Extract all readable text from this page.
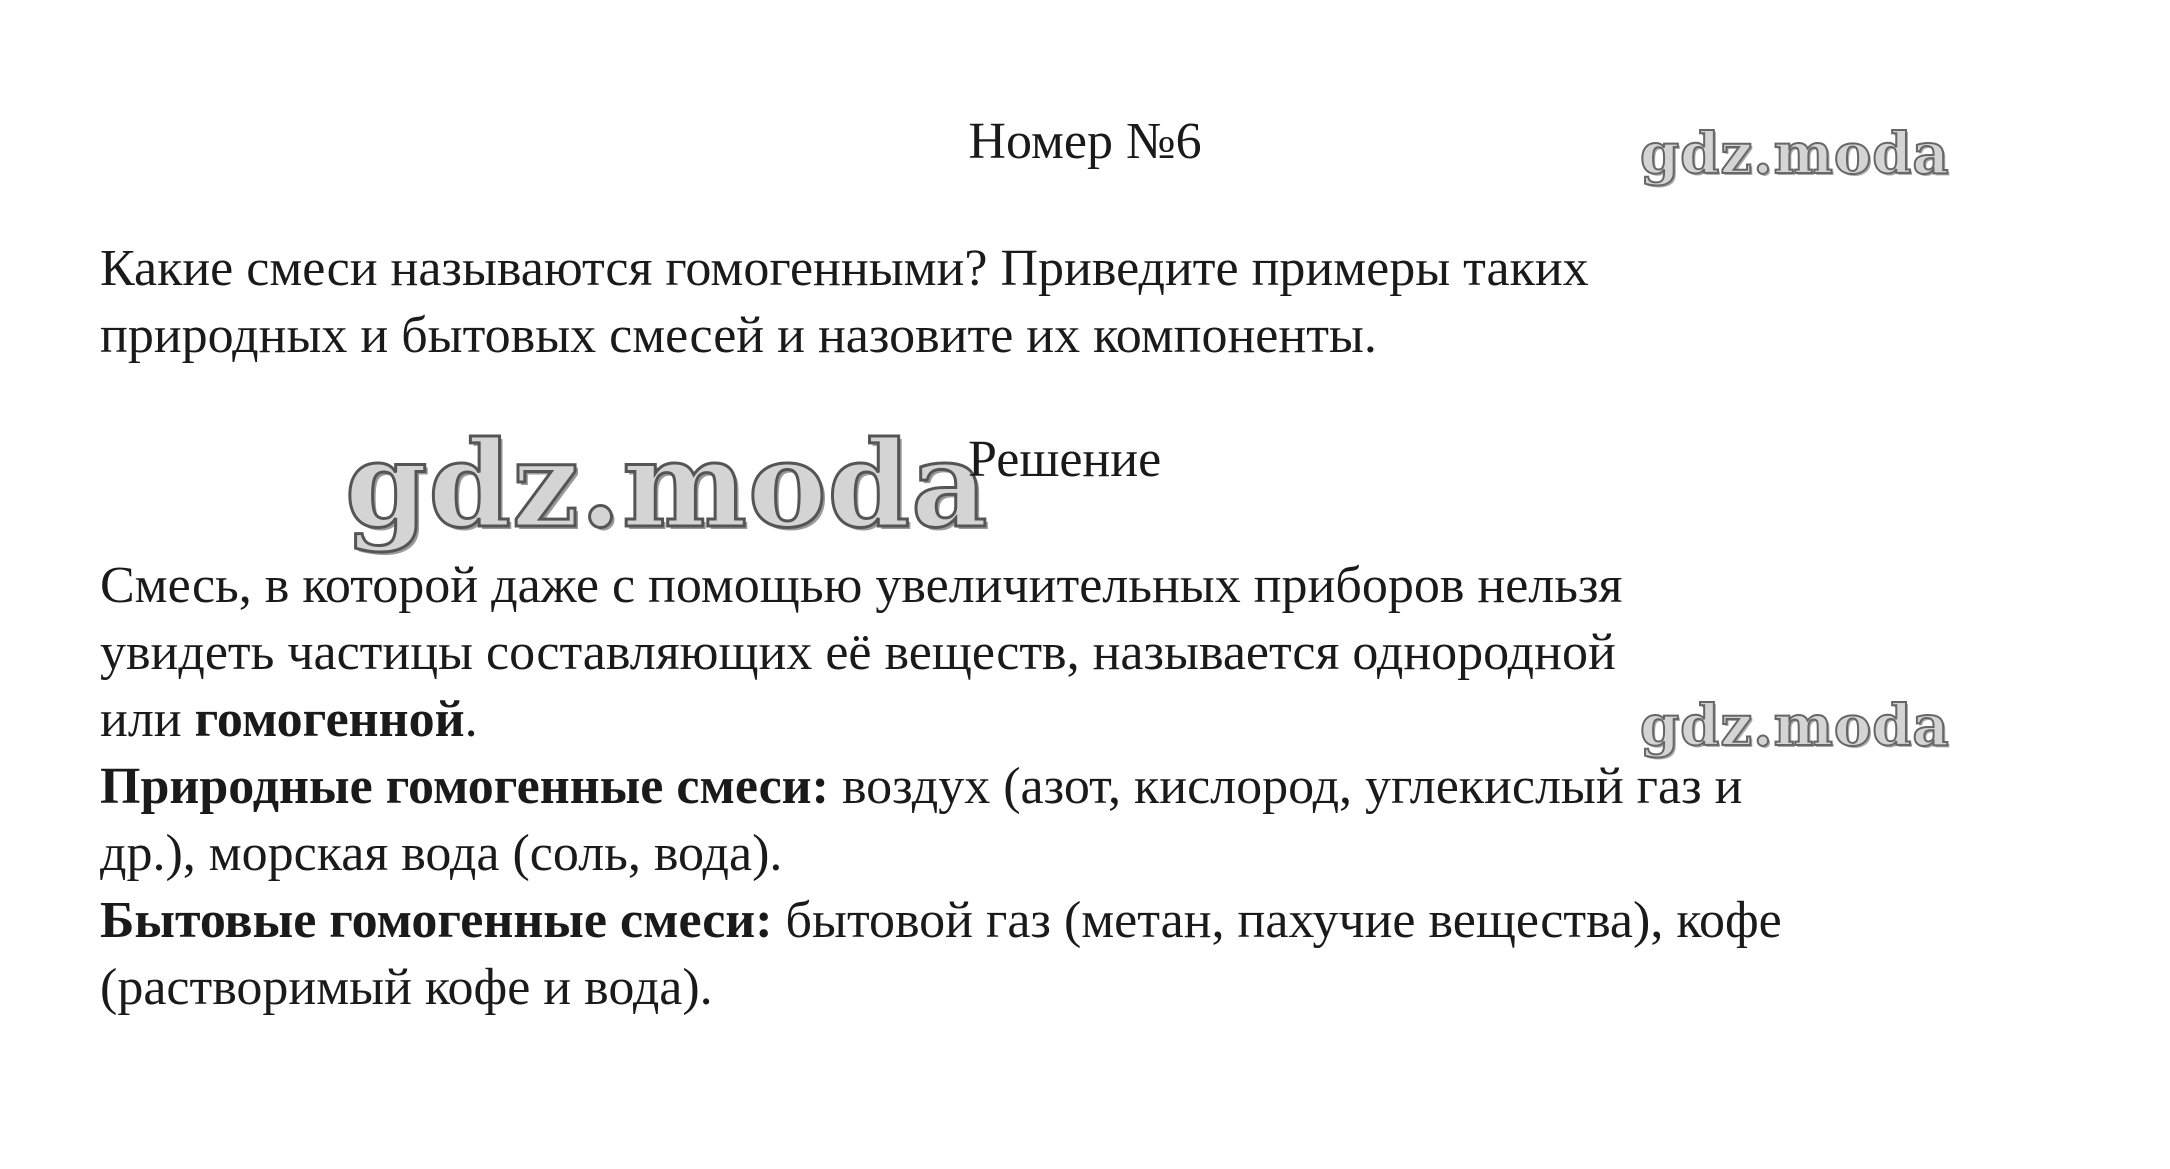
Номер №6	gdz.moda
Какие смеси называются гомогенными? Приведите примеры таких
природных и бытовых смесей и назовите их компоненты.
gdz.moda
Решение
Смесь, в которой даже с помощью увеличительных приборов нельзя
увидеть частицы составляющих её веществ, называется однородной
или гомогенной.
Природные гомогенные смеси: воздух (азот, кислород, углекислый газ и
др.), морская вода (соль, вода).
Бытовые гомогенные смеси: бытовой газ (метан, пахучие вещества), кофе
(растворимый кофе и вода).
gdz.moda
